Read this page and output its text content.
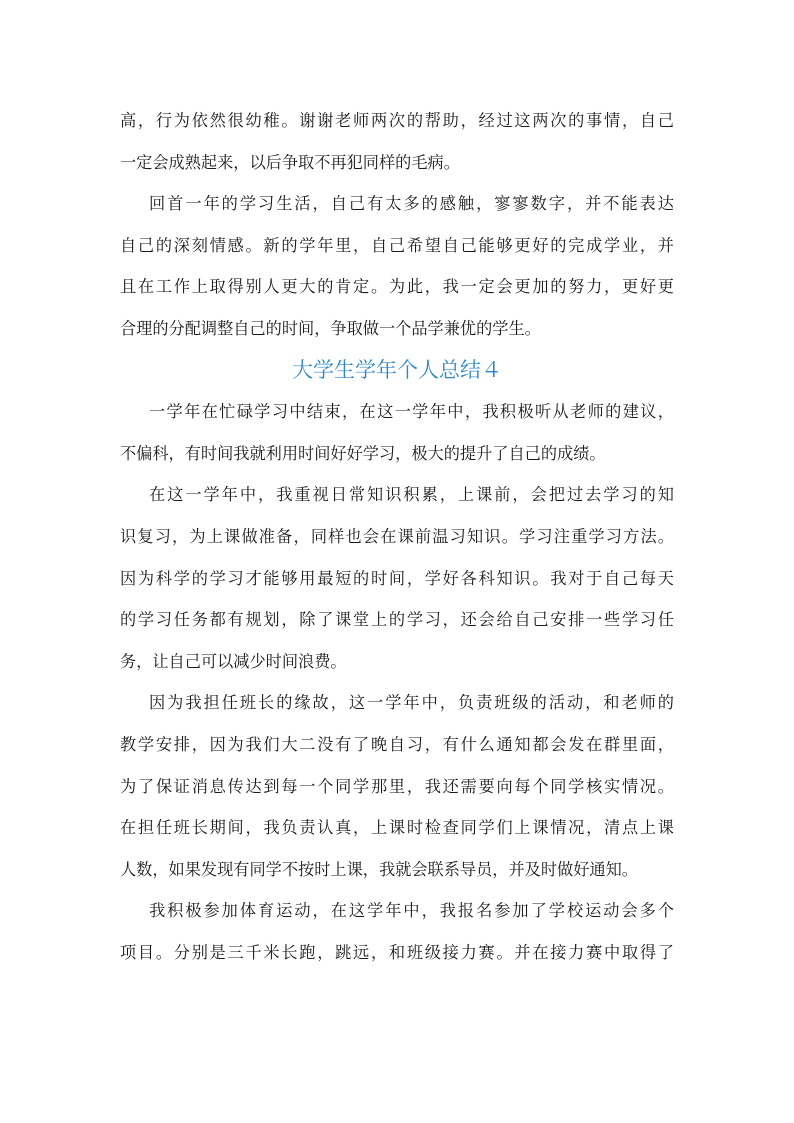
高，行为依然很幼稚。谢谢老师两次的帮助，经过这两次的事情，自己
一定会成熟起来，以后争取不再犯同样的毛病。
回首一年的学习生活，自己有太多的感触，寥寥数字，并不能表达
自己的深刻情感。新的学年里，自己希望自己能够更好的完成学业，并
且在工作上取得别人更大的肯定。为此，我一定会更加的努力，更好更
合理的分配调整自己的时间，争取做一个品学兼优的学生。
大学生学年个人总结４
一学年在忙碌学习中结束，在这一学年中，我积极听从老师的建议，
不偏科，有时间我就利用时间好好学习，极大的提升了自己的成绩。
在这一学年中，我重视日常知识积累，上课前，会把过去学习的知
识复习，为上课做准备，同样也会在课前温习知识。学习注重学习方法。
因为科学的学习才能够用最短的时间，学好各科知识。我对于自己每天
的学习任务都有规划，除了课堂上的学习，还会给自己安排一些学习任
务，让自己可以减少时间浪费。
因为我担任班长的缘故，这一学年中，负责班级的活动，和老师的
教学安排，因为我们大二没有了晚自习，有什么通知都会发在群里面，
为了保证消息传达到每一个同学那里，我还需要向每个同学核实情况。
在担任班长期间，我负责认真，上课时检查同学们上课情况，清点上课
人数，如果发现有同学不按时上课，我就会联系导员，并及时做好通知。
我积极参加体育运动，在这学年中，我报名参加了学校运动会多个
项目。分别是三千米长跑，跳远，和班级接力赛。并在接力赛中取得了
